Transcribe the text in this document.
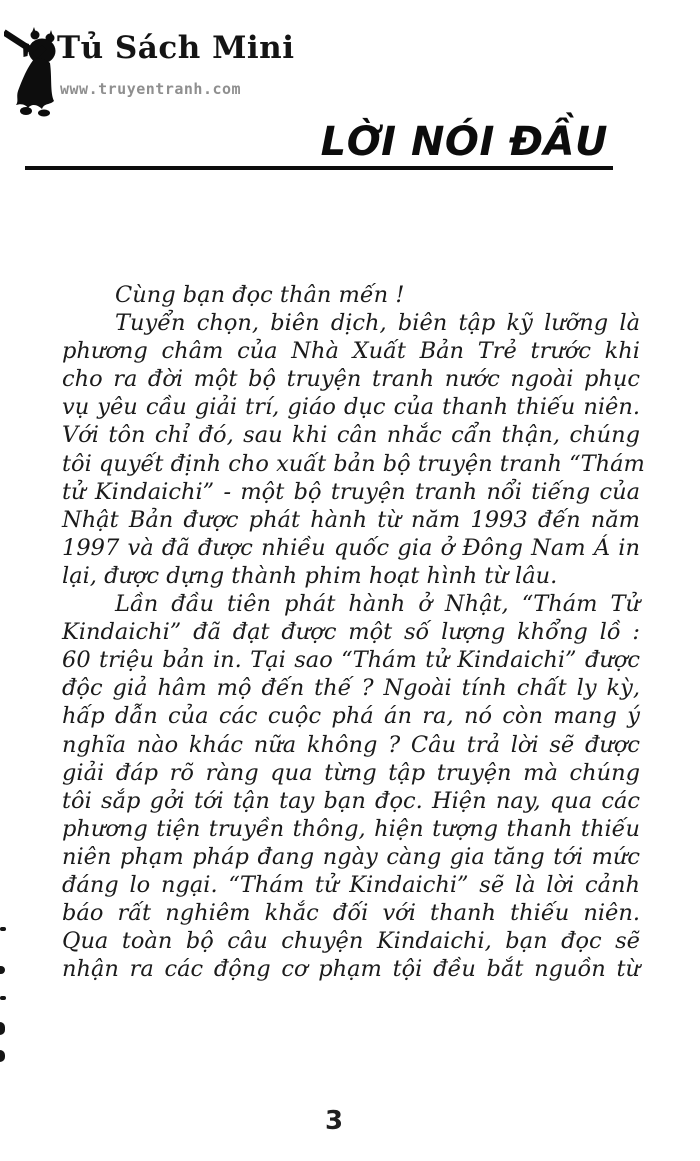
Tủ Sách Mini
www.truyentranh.com
LỜI NÓI ĐẦU
Cùng bạn đọc thân mến !
Tuyển chọn, biên dịch, biên tập kỹ lưỡng là
phương châm của Nhà Xuất Bản Trẻ trước khi
cho ra đời một bộ truyện tranh nước ngoài phục
vụ yêu cầu giải trí, giáo dục của thanh thiếu niên.
Với tôn chỉ đó, sau khi cân nhắc cẩn thận, chúng
tôi quyết định cho xuất bản bộ truyện tranh “Thám
tử Kindaichi” - một bộ truyện tranh nổi tiếng của
Nhật Bản được phát hành từ năm 1993 đến năm
1997 và đã được nhiều quốc gia ở Đông Nam Á in
lại, được dựng thành phim hoạt hình từ lâu.
Lần đầu tiên phát hành ở Nhật, “Thám Tử
Kindaichi” đã đạt được một số lượng khổng lồ :
60 triệu bản in. Tại sao “Thám tử Kindaichi” được
độc giả hâm mộ đến thế ? Ngoài tính chất ly kỳ,
hấp dẫn của các cuộc phá án ra, nó còn mang ý
nghĩa nào khác nữa không ? Câu trả lời sẽ được
giải đáp rõ ràng qua từng tập truyện mà chúng
tôi sắp gởi tới tận tay bạn đọc. Hiện nay, qua các
phương tiện truyền thông, hiện tượng thanh thiếu
niên phạm pháp đang ngày càng gia tăng tới mức
đáng lo ngại. “Thám tử Kindaichi” sẽ là lời cảnh
báo rất nghiêm khắc đối với thanh thiếu niên.
Qua toàn bộ câu chuyện Kindaichi, bạn đọc sẽ
nhận ra các động cơ phạm tội đều bắt nguồn từ
3
